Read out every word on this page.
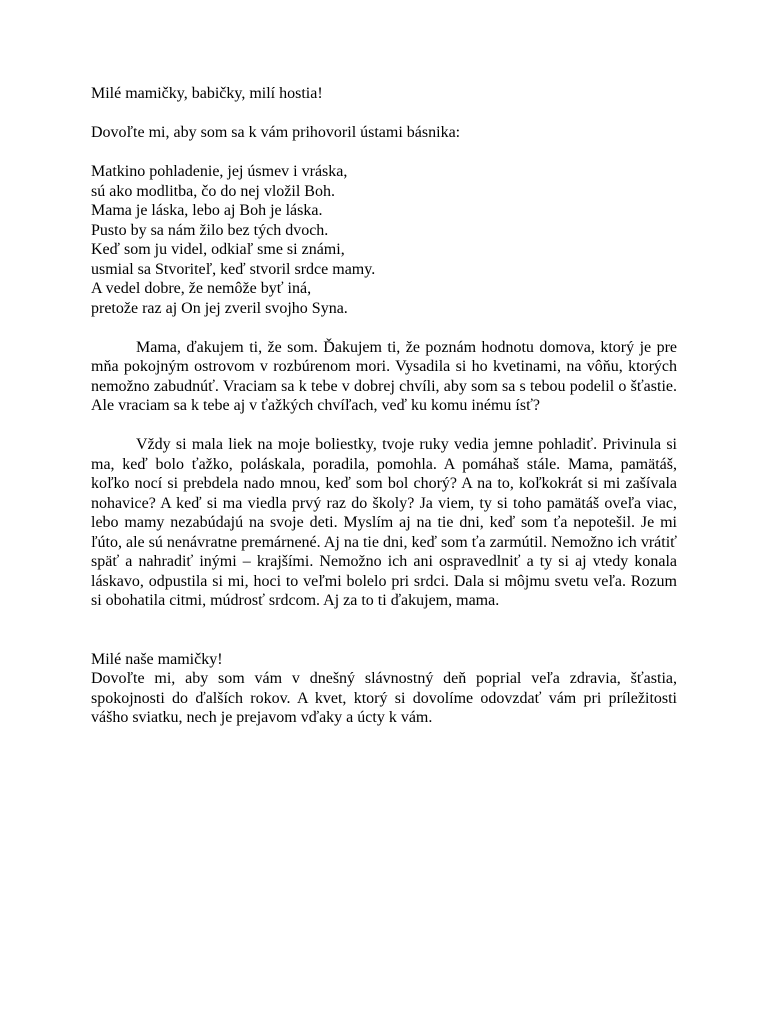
Milé mamičky, babičky, milí hostia!

Dovoľte mi, aby som sa k vám prihovoril ústami básnika:

Matkino pohladenie, jej úsmev i vráska,
sú ako modlitba, čo do nej vložil Boh.
Mama je láska, lebo aj Boh je láska.
Pusto by sa nám žilo bez tých dvoch.
Keď som ju videl, odkiaľ sme si známi,
usmial sa Stvoriteľ, keď stvoril srdce mamy.
A vedel dobre, že nemôže byť iná,
pretože raz aj On jej zveril svojho Syna.

Mama, ďakujem ti, že som. Ďakujem ti, že poznám hodnotu domova, ktorý je pre mňa pokojným ostrovom v rozbúrenom mori. Vysadila si ho kvetinami, na vôňu, ktorých nemožno zabudnúť. Vraciam sa k tebe v dobrej chvíli, aby som sa s tebou podelil o šťastie. Ale vraciam sa k tebe aj v ťažkých chvíľach, veď ku komu inému ísť?

Vždy si mala liek na moje boliestky, tvoje ruky vedia jemne pohladiť. Privinula si ma, keď bolo ťažko, poláskala, poradila, pomohla. A pomáhaš stále. Mama, pamätáš, koľko nocí si prebdela nado mnou, keď som bol chorý? A na to, koľkokrát si mi zašívala nohavice? A keď si ma viedla prvý raz do školy? Ja viem, ty si toho pamätáš oveľa viac, lebo mamy nezabúdajú na svoje deti. Myslím aj na tie dni, keď som ťa nepotešil. Je mi ľúto, ale sú nenávratne premárnené. Aj na tie dni, keď som ťa zarmútil. Nemožno ich vrátiť späť a nahradiť inými – krajšími. Nemožno ich ani ospravedlniť a ty si aj vtedy konala láskavo, odpustila si mi, hoci to veľmi bolelo pri srdci. Dala si môjmu svetu veľa. Rozum si obohatila citmi, múdrosť srdcom. Aj za to ti ďakujem, mama.

Milé naše mamičky!

Dovoľte mi, aby som vám v dnešný slávnostný deň poprial veľa zdravia, šťastia, spokojnosti do ďalších rokov. A kvet, ktorý si dovolíme odovzdať vám pri príležitosti vášho sviatku, nech je prejavom vďaky a úcty k vám.
